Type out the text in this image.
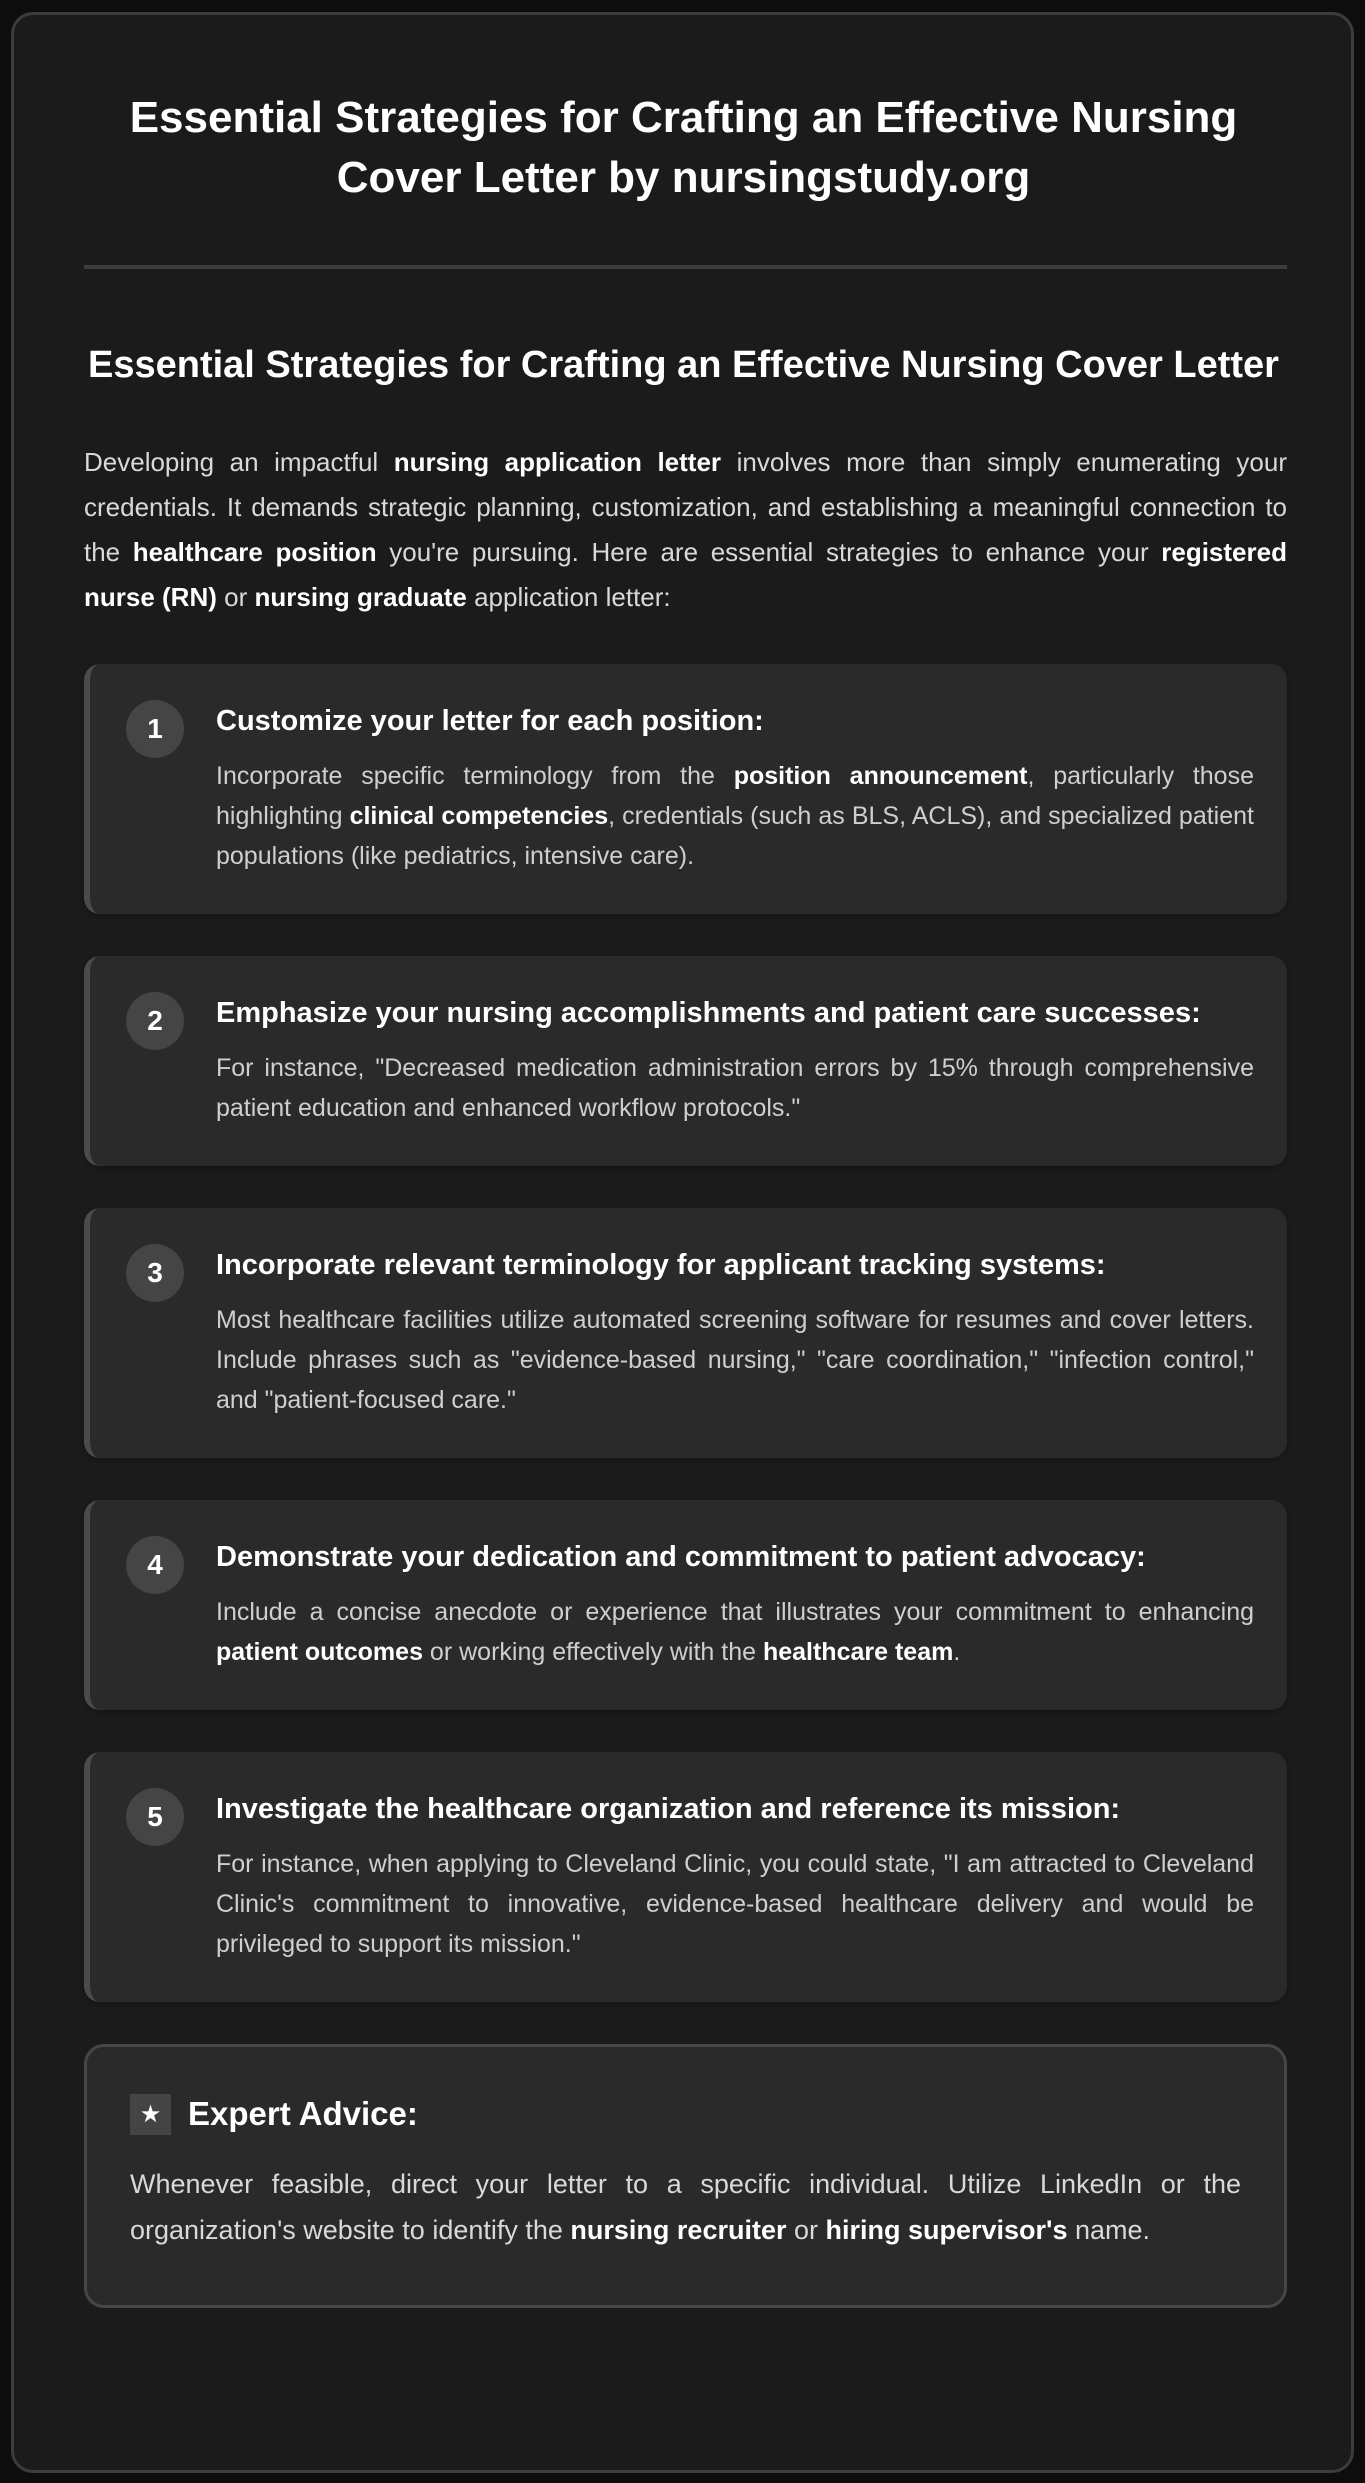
Essential Strategies for Crafting an Effective Nursing Cover Letter by nursingstudy.org
Essential Strategies for Crafting an Effective Nursing Cover Letter

Developing an impactful nursing application letter involves more than simply enumerating your credentials. It demands strategic planning, customization, and establishing a meaningful connection to the healthcare position you're pursuing. Here are essential strategies to enhance your registered nurse (RN) or nursing graduate application letter:

1	Customize your letter for each position:

Incorporate specific terminology from the position announcement, particularly those highlighting clinical competencies, credentials (such as BLS, ACLS), and specialized patient populations (like pediatrics, intensive care).

2	Emphasize your nursing accomplishments and patient care successes:

For instance, "Decreased medication administration errors by 15% through comprehensive patient education and enhanced workflow protocols."

3	Incorporate relevant terminology for applicant tracking systems:

Most healthcare facilities utilize automated screening software for resumes and cover letters. Include phrases such as "evidence-based nursing," "care coordination," "infection control," and "patient-focused care."

4	Demonstrate your dedication and commitment to patient advocacy:

Include a concise anecdote or experience that illustrates your commitment to enhancing patient outcomes or working effectively with the healthcare team.

5	Investigate the healthcare organization and reference its mission:

For instance, when applying to Cleveland Clinic, you could state, "I am attracted to Cleveland Clinic's commitment to innovative, evidence-based healthcare delivery and would be privileged to support its mission."

★ Expert Advice:

Whenever feasible, direct your letter to a specific individual. Utilize LinkedIn or the organization's website to identify the nursing recruiter or hiring supervisor's name.
